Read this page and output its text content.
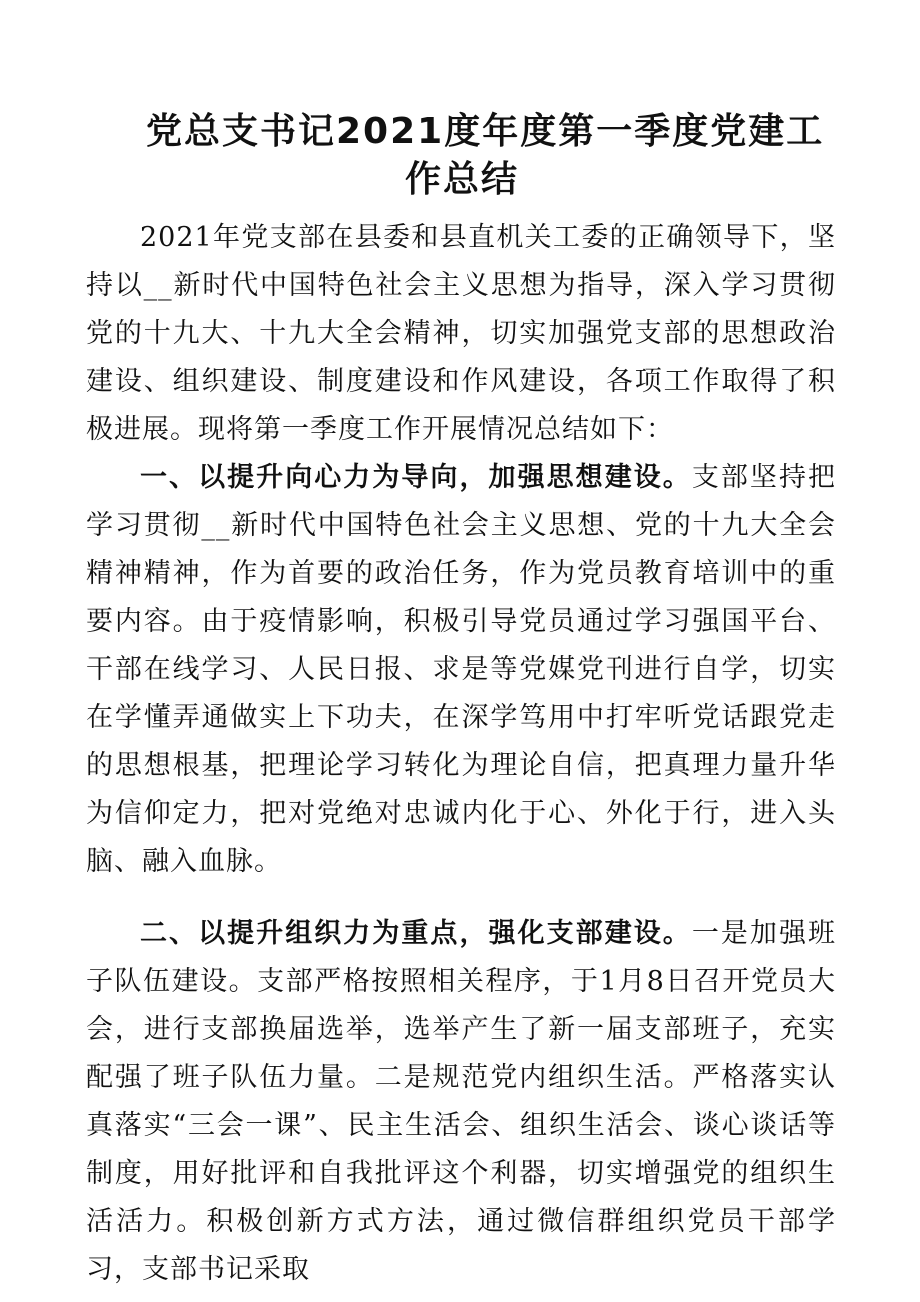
党总支书记2021度年度第一季度党建工
作总结

2021年党支部在县委和县直机关工委的正确领导下，坚持以__新时代中国特色社会主义思想为指导，深入学习贯彻党的十九大、十九大全会精神，切实加强党支部的思想政治建设、组织建设、制度建设和作风建设，各项工作取得了积极进展。现将第一季度工作开展情况总结如下：

一、以提升向心力为导向，加强思想建设。支部坚持把学习贯彻__新时代中国特色社会主义思想、党的十九大全会精神精神，作为首要的政治任务，作为党员教育培训中的重要内容。由于疫情影响，积极引导党员通过学习强国平台、干部在线学习、人民日报、求是等党媒党刊进行自学，切实在学懂弄通做实上下功夫，在深学笃用中打牢听党话跟党走的思想根基，把理论学习转化为理论自信，把真理力量升华为信仰定力，把对党绝对忠诚内化于心、外化于行，进入头脑、融入血脉。

二、以提升组织力为重点，强化支部建设。一是加强班子队伍建设。支部严格按照相关程序，于1月8日召开党员大会，进行支部换届选举，选举产生了新一届支部班子，充实配强了班子队伍力量。二是规范党内组织生活。严格落实认真落实“三会一课”、民主生活会、组织生活会、谈心谈话等制度，用好批评和自我批评这个利器，切实增强党的组织生活活力。积极创新方式方法，通过微信群组织党员干部学习，支部书记采取
